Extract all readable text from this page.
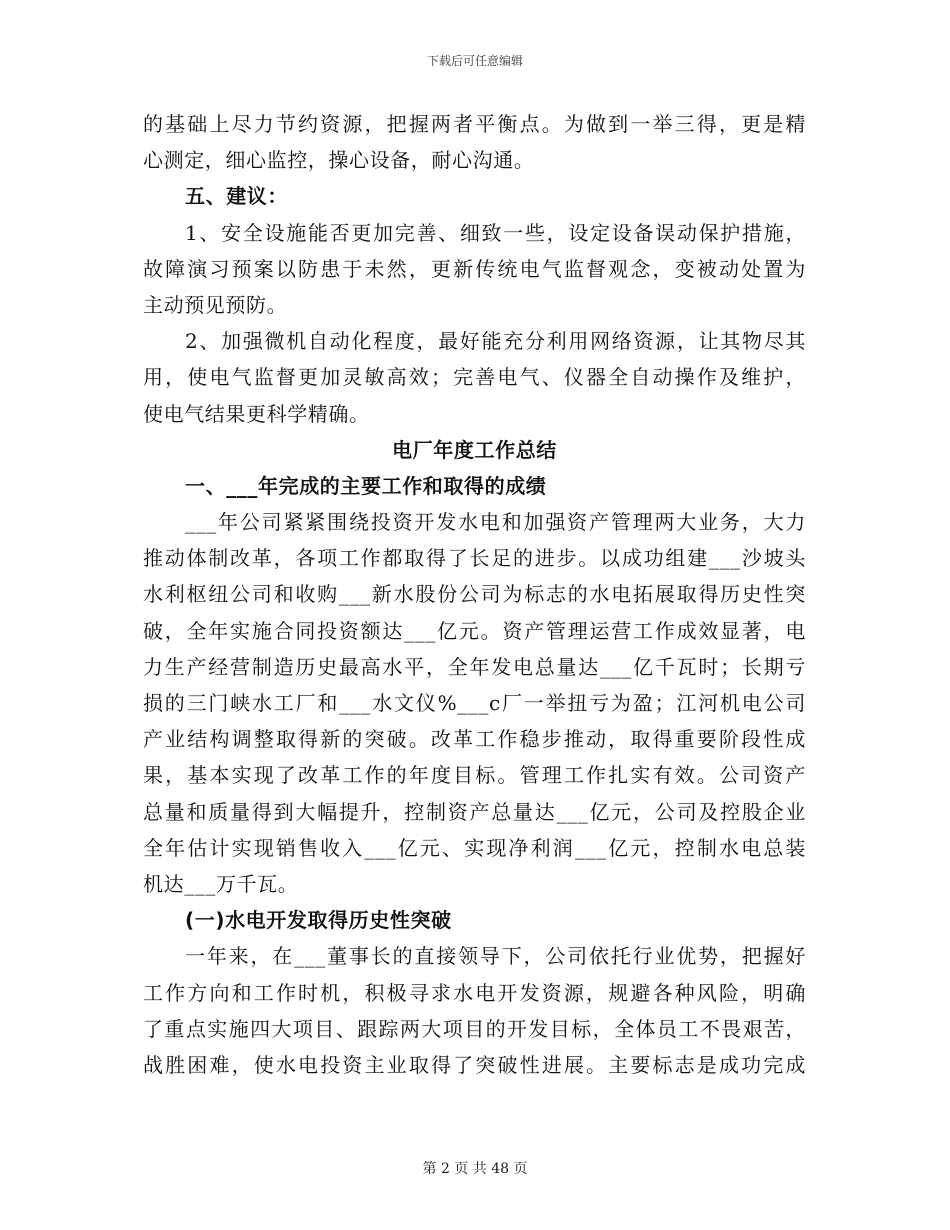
下载后可任意编辑
的基础上尽力节约资源，把握两者平衡点。为做到一举三得，更是精
心测定，细心监控，操心设备，耐心沟通。
五、建议：
1、安全设施能否更加完善、细致一些，设定设备误动保护措施，
故障演习预案以防患于未然，更新传统电气监督观念，变被动处置为
主动预见预防。
2、加强微机自动化程度，最好能充分利用网络资源，让其物尽其
用，使电气监督更加灵敏高效；完善电气、仪器全自动操作及维护，
使电气结果更科学精确。
电厂年度工作总结
一、___年完成的主要工作和取得的成绩
___年公司紧紧围绕投资开发水电和加强资产管理两大业务，大力
推动体制改革，各项工作都取得了长足的进步。以成功组建___沙坡头
水利枢纽公司和收购___新水股份公司为标志的水电拓展取得历史性突
破，全年实施合同投资额达___亿元。资产管理运营工作成效显著，电
力生产经营制造历史最高水平，全年发电总量达___亿千瓦时；长期亏
损的三门峡水工厂和___水文仪%___c厂一举扭亏为盈；江河机电公司
产业结构调整取得新的突破。改革工作稳步推动，取得重要阶段性成
果，基本实现了改革工作的年度目标。管理工作扎实有效。公司资产
总量和质量得到大幅提升，控制资产总量达___亿元，公司及控股企业
全年估计实现销售收入___亿元、实现净利润___亿元，控制水电总装
机达___万千瓦。
(一)水电开发取得历史性突破
一年来，在___董事长的直接领导下，公司依托行业优势，把握好
工作方向和工作时机，积极寻求水电开发资源，规避各种风险，明确
了重点实施四大项目、跟踪两大项目的开发目标，全体员工不畏艰苦，
战胜困难，使水电投资主业取得了突破性进展。主要标志是成功完成
第 2 页 共 48 页
